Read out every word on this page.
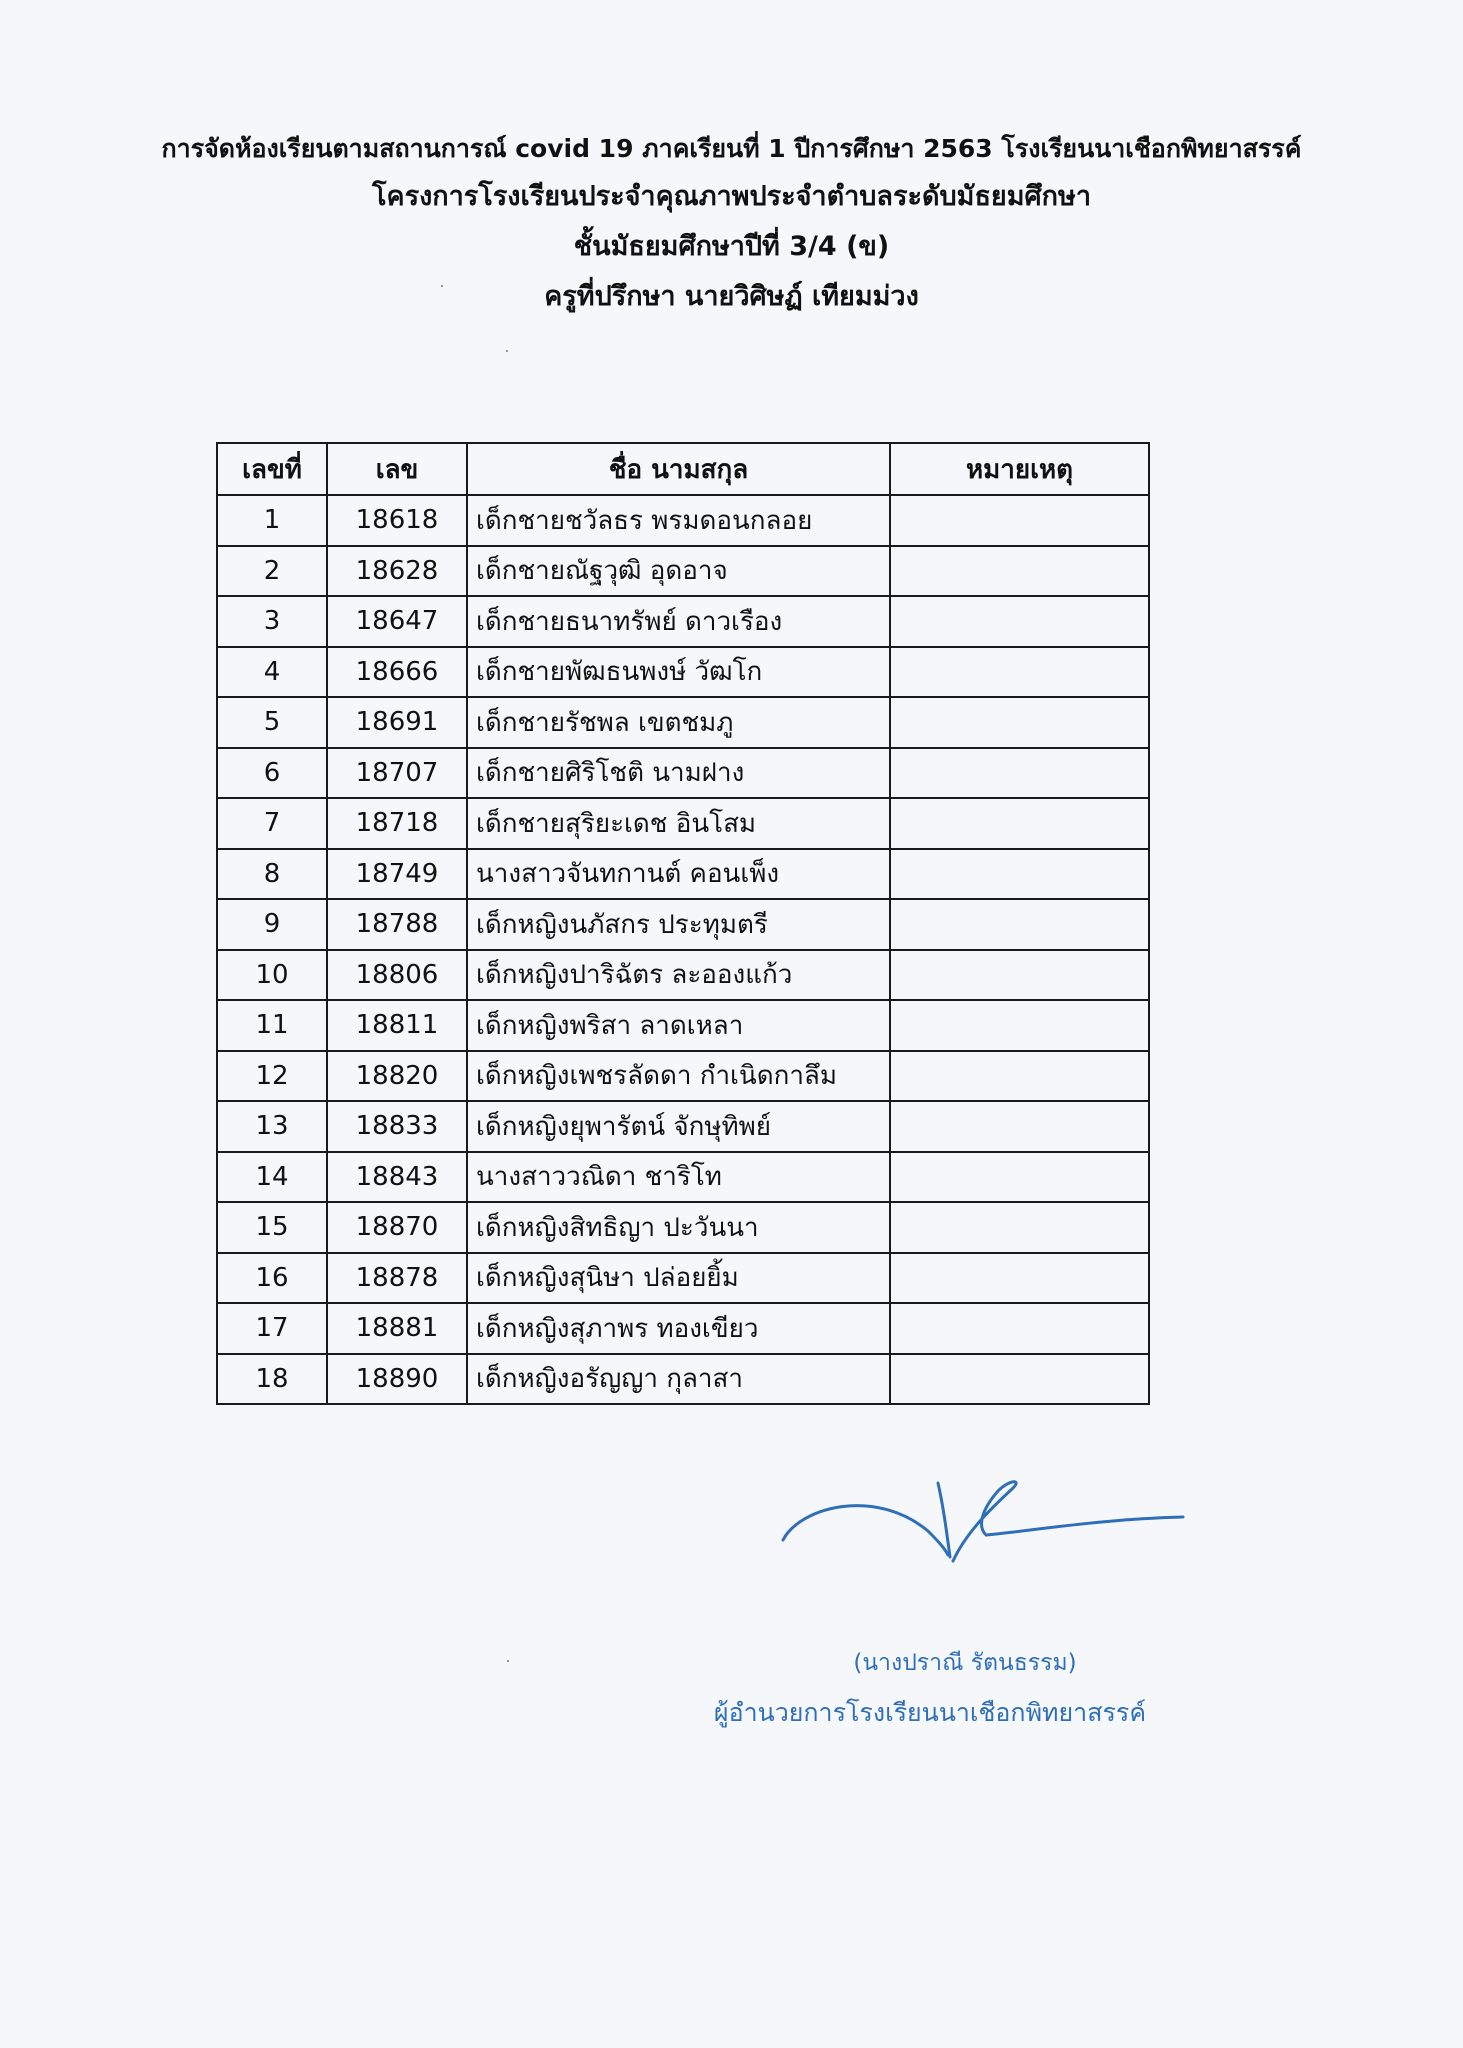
การจัดห้องเรียนตามสถานการณ์ covid 19 ภาคเรียนที่ 1 ปีการศึกษา 2563 โรงเรียนนาเชือกพิทยาสรรค์
โครงการโรงเรียนประจำคุณภาพประจำตำบลระดับมัธยมศึกษา
ชั้นมัธยมศึกษาปีที่ 3/4 (ข)
ครูที่ปรึกษา นายวิศิษฏ์ เทียมม่วง
เลขที่	เลข	ชื่อ นามสกุล	หมายเหตุ
1	18618	เด็กชายชวัลธร พรมดอนกลอย	
2	18628	เด็กชายณัฐวุฒิ อุดอาจ	
3	18647	เด็กชายธนาทรัพย์ ดาวเรือง	
4	18666	เด็กชายพัฒธนพงษ์ วัฒโก	
5	18691	เด็กชายรัชพล เขตชมภู	
6	18707	เด็กชายศิริโชติ นามฝาง	
7	18718	เด็กชายสุริยะเดช อินโสม	
8	18749	นางสาวจันทกานต์ คอนเพ็ง	
9	18788	เด็กหญิงนภัสกร ประทุมตรี	
10	18806	เด็กหญิงปาริฉัตร ละอองแก้ว	
11	18811	เด็กหญิงพริสา ลาดเหลา	
12	18820	เด็กหญิงเพชรลัดดา กำเนิดกาลึม	
13	18833	เด็กหญิงยุพารัตน์ จักษุทิพย์	
14	18843	นางสาววณิดา ชาริโท	
15	18870	เด็กหญิงสิทธิญา ปะวันนา	
16	18878	เด็กหญิงสุนิษา ปล่อยยิ้ม	
17	18881	เด็กหญิงสุภาพร ทองเขียว	
18	18890	เด็กหญิงอรัญญา กุลาสา	
(นางปราณี รัตนธรรม)
ผู้อำนวยการโรงเรียนนาเชือกพิทยาสรรค์
